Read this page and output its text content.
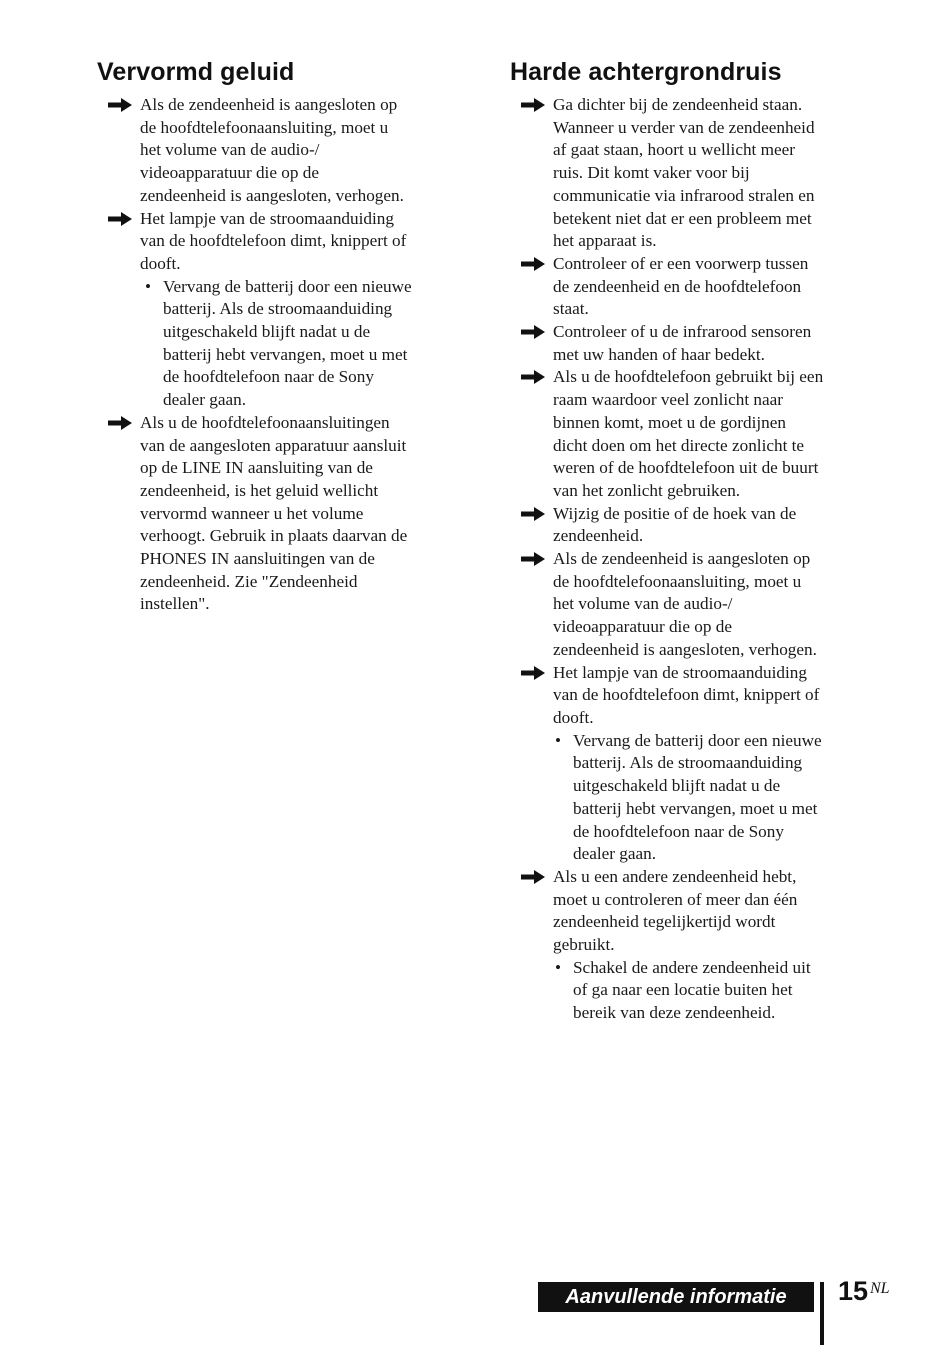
Vervormd geluid
Als de zendeenheid is aangesloten op
de hoofdtelefoonaansluiting, moet u
het volume van de audio-/
videoapparatuur die op de
zendeenheid is aangesloten, verhogen.
Het lampje van de stroomaanduiding
van de hoofdtelefoon dimt, knippert of
dooft.
• Vervang de batterij door een nieuwe
batterij. Als de stroomaanduiding
uitgeschakeld blijft nadat u de
batterij hebt vervangen, moet u met
de hoofdtelefoon naar de Sony
dealer gaan.
Als u de hoofdtelefoonaansluitingen
van de aangesloten apparatuur aansluit
op de LINE IN aansluiting van de
zendeenheid, is het geluid wellicht
vervormd wanneer u het volume
verhoogt. Gebruik in plaats daarvan de
PHONES IN aansluitingen van de
zendeenheid. Zie "Zendeenheid
instellen".
Harde achtergrondruis
Ga dichter bij de zendeenheid staan.
Wanneer u verder van de zendeenheid
af gaat staan, hoort u wellicht meer
ruis. Dit komt vaker voor bij
communicatie via infrarood stralen en
betekent niet dat er een probleem met
het apparaat is.
Controleer of er een voorwerp tussen
de zendeenheid en de hoofdtelefoon
staat.
Controleer of u de infrarood sensoren
met uw handen of haar bedekt.
Als u de hoofdtelefoon gebruikt bij een
raam waardoor veel zonlicht naar
binnen komt, moet u de gordijnen
dicht doen om het directe zonlicht te
weren of de hoofdtelefoon uit de buurt
van het zonlicht gebruiken.
Wijzig de positie of de hoek van de
zendeenheid.
Als de zendeenheid is aangesloten op
de hoofdtelefoonaansluiting, moet u
het volume van de audio-/
videoapparatuur die op de
zendeenheid is aangesloten, verhogen.
Het lampje van de stroomaanduiding
van de hoofdtelefoon dimt, knippert of
dooft.
• Vervang de batterij door een nieuwe
batterij. Als de stroomaanduiding
uitgeschakeld blijft nadat u de
batterij hebt vervangen, moet u met
de hoofdtelefoon naar de Sony
dealer gaan.
Als u een andere zendeenheid hebt,
moet u controleren of meer dan één
zendeenheid tegelijkertijd wordt
gebruikt.
• Schakel de andere zendeenheid uit
of ga naar een locatie buiten het
bereik van deze zendeenheid.
Aanvullende informatie	15 NL
